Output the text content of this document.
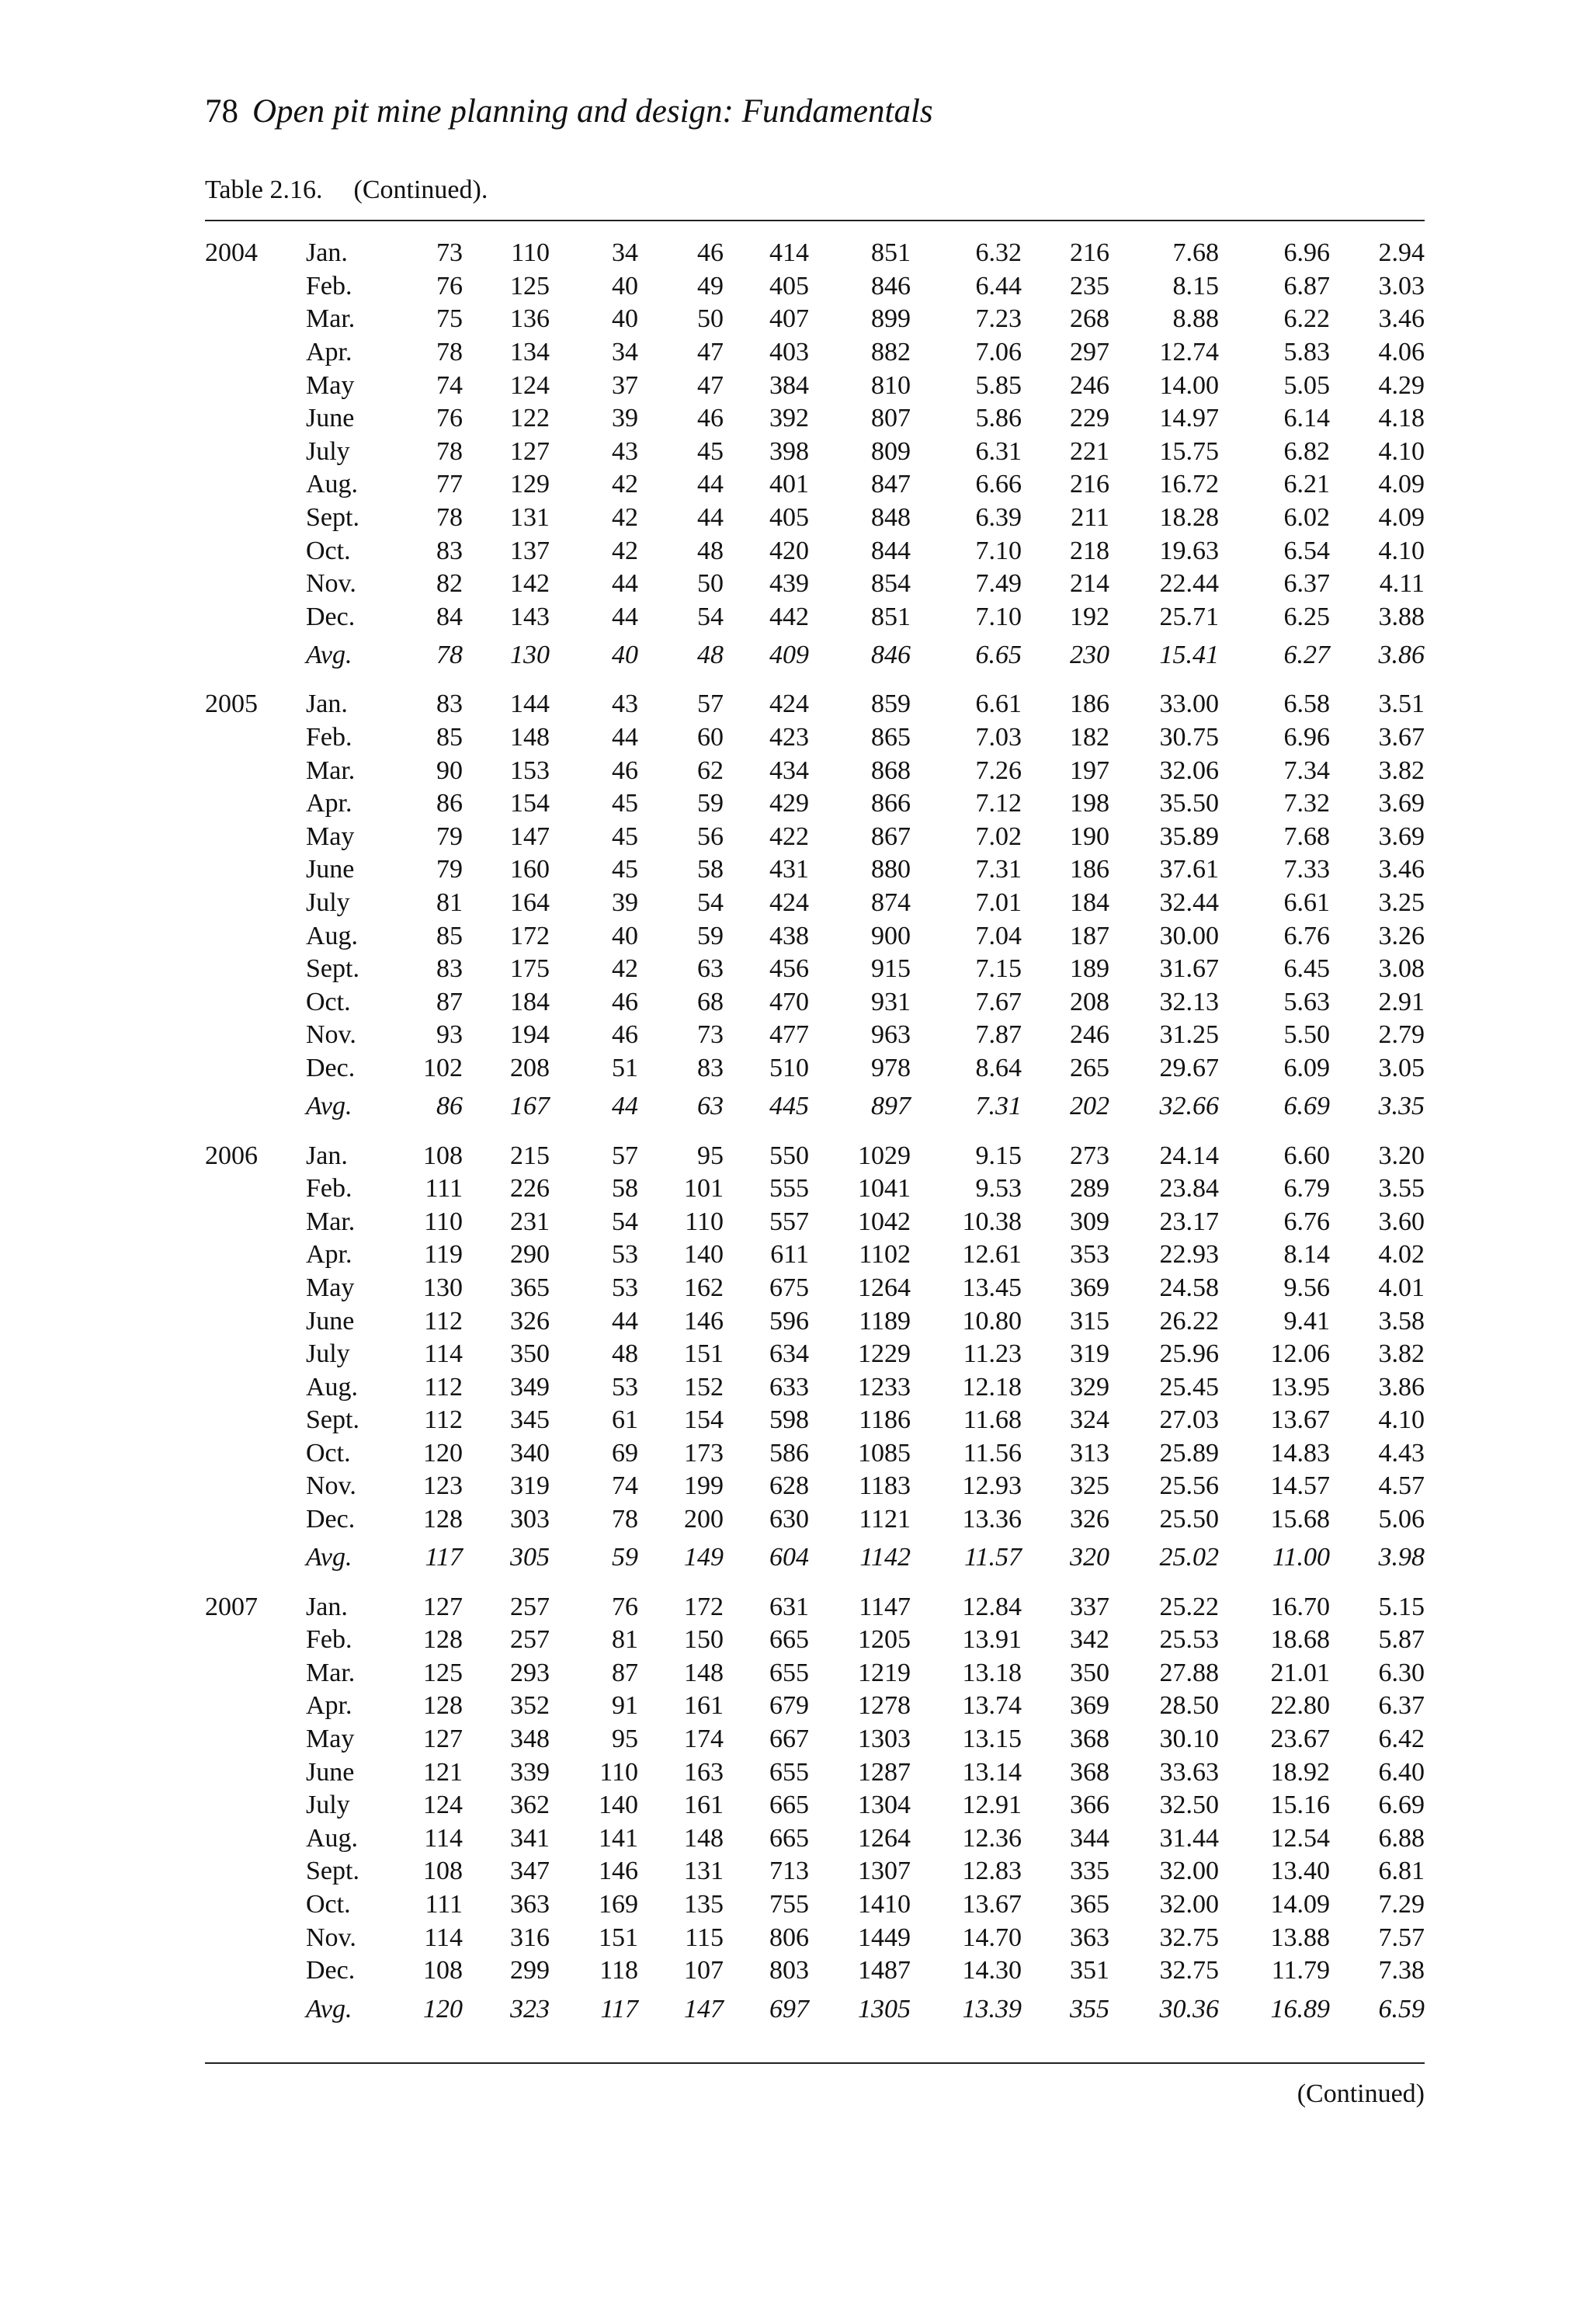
78 Open pit mine planning and design: Fundamentals
Table 2.16. (Continued).
2004	Jan.	73	110	34	46	414	851	6.32	216	7.68	6.96	2.94
	Feb.	76	125	40	49	405	846	6.44	235	8.15	6.87	3.03
	Mar.	75	136	40	50	407	899	7.23	268	8.88	6.22	3.46
	Apr.	78	134	34	47	403	882	7.06	297	12.74	5.83	4.06
	May	74	124	37	47	384	810	5.85	246	14.00	5.05	4.29
	June	76	122	39	46	392	807	5.86	229	14.97	6.14	4.18
	July	78	127	43	45	398	809	6.31	221	15.75	6.82	4.10
	Aug.	77	129	42	44	401	847	6.66	216	16.72	6.21	4.09
	Sept.	78	131	42	44	405	848	6.39	211	18.28	6.02	4.09
	Oct.	83	137	42	48	420	844	7.10	218	19.63	6.54	4.10
	Nov.	82	142	44	50	439	854	7.49	214	22.44	6.37	4.11
	Dec.	84	143	44	54	442	851	7.10	192	25.71	6.25	3.88
	Avg.	78	130	40	48	409	846	6.65	230	15.41	6.27	3.86

2005	Jan.	83	144	43	57	424	859	6.61	186	33.00	6.58	3.51
	Feb.	85	148	44	60	423	865	7.03	182	30.75	6.96	3.67
	Mar.	90	153	46	62	434	868	7.26	197	32.06	7.34	3.82
	Apr.	86	154	45	59	429	866	7.12	198	35.50	7.32	3.69
	May	79	147	45	56	422	867	7.02	190	35.89	7.68	3.69
	June	79	160	45	58	431	880	7.31	186	37.61	7.33	3.46
	July	81	164	39	54	424	874	7.01	184	32.44	6.61	3.25
	Aug.	85	172	40	59	438	900	7.04	187	30.00	6.76	3.26
	Sept.	83	175	42	63	456	915	7.15	189	31.67	6.45	3.08
	Oct.	87	184	46	68	470	931	7.67	208	32.13	5.63	2.91
	Nov.	93	194	46	73	477	963	7.87	246	31.25	5.50	2.79
	Dec.	102	208	51	83	510	978	8.64	265	29.67	6.09	3.05
	Avg.	86	167	44	63	445	897	7.31	202	32.66	6.69	3.35

2006	Jan.	108	215	57	95	550	1029	9.15	273	24.14	6.60	3.20
	Feb.	111	226	58	101	555	1041	9.53	289	23.84	6.79	3.55
	Mar.	110	231	54	110	557	1042	10.38	309	23.17	6.76	3.60
	Apr.	119	290	53	140	611	1102	12.61	353	22.93	8.14	4.02
	May	130	365	53	162	675	1264	13.45	369	24.58	9.56	4.01
	June	112	326	44	146	596	1189	10.80	315	26.22	9.41	3.58
	July	114	350	48	151	634	1229	11.23	319	25.96	12.06	3.82
	Aug.	112	349	53	152	633	1233	12.18	329	25.45	13.95	3.86
	Sept.	112	345	61	154	598	1186	11.68	324	27.03	13.67	4.10
	Oct.	120	340	69	173	586	1085	11.56	313	25.89	14.83	4.43
	Nov.	123	319	74	199	628	1183	12.93	325	25.56	14.57	4.57
	Dec.	128	303	78	200	630	1121	13.36	326	25.50	15.68	5.06
	Avg.	117	305	59	149	604	1142	11.57	320	25.02	11.00	3.98

2007	Jan.	127	257	76	172	631	1147	12.84	337	25.22	16.70	5.15
	Feb.	128	257	81	150	665	1205	13.91	342	25.53	18.68	5.87
	Mar.	125	293	87	148	655	1219	13.18	350	27.88	21.01	6.30
	Apr.	128	352	91	161	679	1278	13.74	369	28.50	22.80	6.37
	May	127	348	95	174	667	1303	13.15	368	30.10	23.67	6.42
	June	121	339	110	163	655	1287	13.14	368	33.63	18.92	6.40
	July	124	362	140	161	665	1304	12.91	366	32.50	15.16	6.69
	Aug.	114	341	141	148	665	1264	12.36	344	31.44	12.54	6.88
	Sept.	108	347	146	131	713	1307	12.83	335	32.00	13.40	6.81
	Oct.	111	363	169	135	755	1410	13.67	365	32.00	14.09	7.29
	Nov.	114	316	151	115	806	1449	14.70	363	32.75	13.88	7.57
	Dec.	108	299	118	107	803	1487	14.30	351	32.75	11.79	7.38
	Avg.	120	323	117	147	697	1305	13.39	355	30.36	16.89	6.59
(Continued)
